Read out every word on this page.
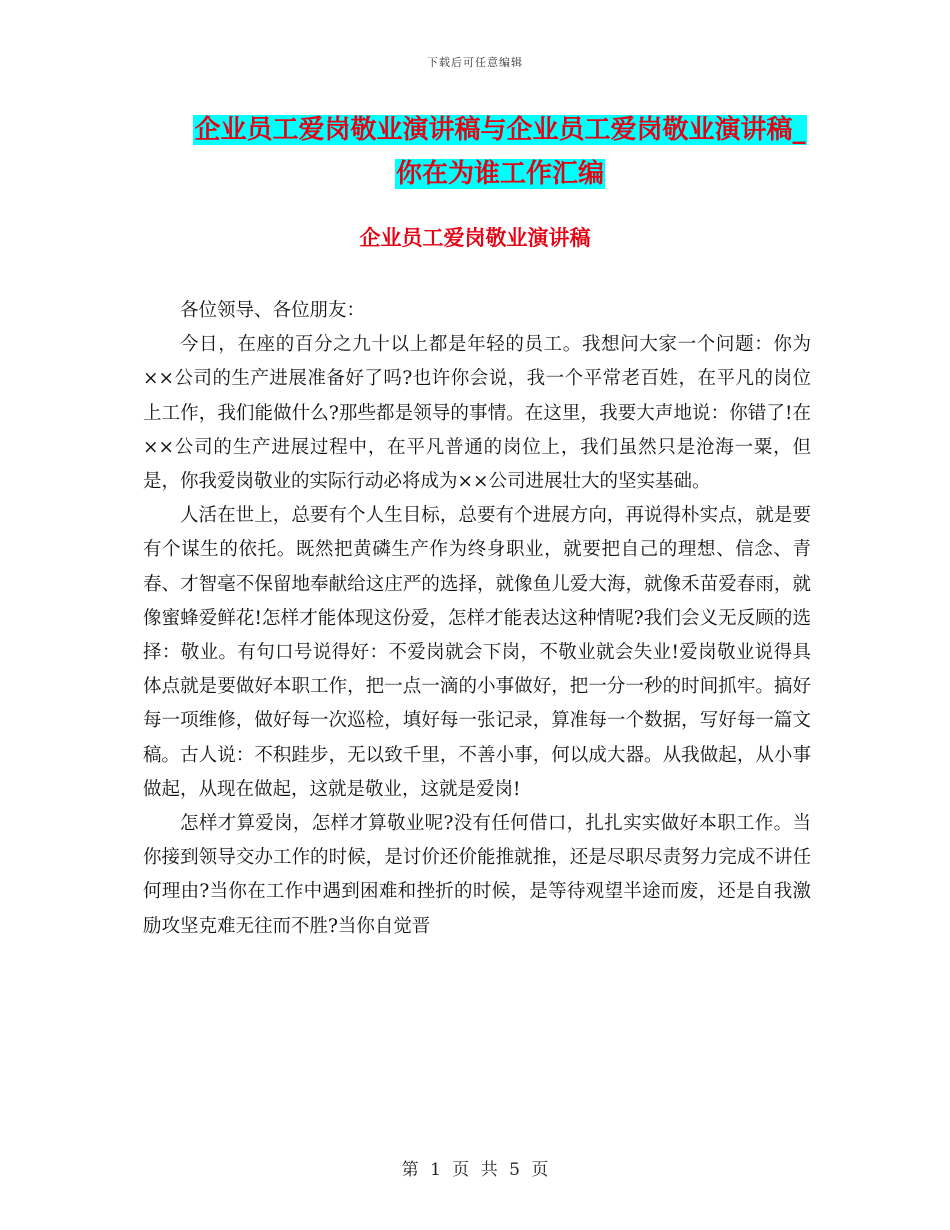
下载后可任意编辑
企业员工爱岗敬业演讲稿与企业员工爱岗敬业演讲稿_
你在为谁工作汇编
企业员工爱岗敬业演讲稿

各位领导、各位朋友：

今日，在座的百分之九十以上都是年轻的员工。我想问大家一个问题：你为××公司的生产进展准备好了吗?也许你会说，我一个平常老百姓，在平凡的岗位上工作，我们能做什么?那些都是领导的事情。在这里，我要大声地说：你错了!在××公司的生产进展过程中，在平凡普通的岗位上，我们虽然只是沧海一粟，但是，你我爱岗敬业的实际行动必将成为××公司进展壮大的坚实基础。

人活在世上，总要有个人生目标，总要有个进展方向，再说得朴实点，就是要有个谋生的依托。既然把黄磷生产作为终身职业，就要把自己的理想、信念、青春、才智毫不保留地奉献给这庄严的选择，就像鱼儿爱大海，就像禾苗爱春雨，就像蜜蜂爱鲜花!怎样才能体现这份爱，怎样才能表达这种情呢?我们会义无反顾的选择：敬业。有句口号说得好：不爱岗就会下岗，不敬业就会失业!爱岗敬业说得具体点就是要做好本职工作，把一点一滴的小事做好，把一分一秒的时间抓牢。搞好每一项维修，做好每一次巡检，填好每一张记录，算准每一个数据，写好每一篇文稿。古人说：不积跬步，无以致千里，不善小事，何以成大器。从我做起，从小事做起，从现在做起，这就是敬业，这就是爱岗!

怎样才算爱岗，怎样才算敬业呢?没有任何借口，扎扎实实做好本职工作。当你接到领导交办工作的时候，是讨价还价能推就推，还是尽职尽责努力完成不讲任何理由?当你在工作中遇到困难和挫折的时候，是等待观望半途而废，还是自我激励攻坚克难无往而不胜?当你自觉晋

第 1 页 共 5 页
